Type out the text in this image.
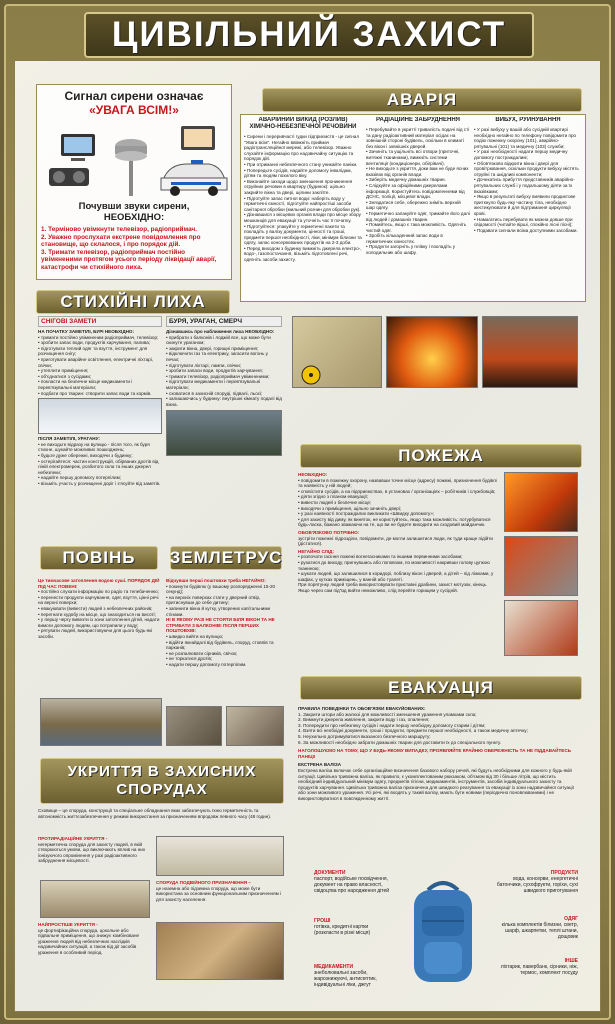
ЦИВІЛЬНИЙ ЗАХИСТ
Сигнал сирени означає
«УВАГА ВСІМ!»
Почувши звуки сирени,
НЕОБХІДНО:
1. Терміново увімкнути телевізор, радіоприймач.
2. Уважно прослухати екстрене повідомлення про становище, що склалося, і про порядок дій.
3. Тримати телевізор, радіоприймач постійно увімкненими протягом усього періоду ліквідації аварії, катастрофи чи стихійного лиха.
АВАРІЯ
АВАРІЙНИЙ ВИКИД (РОЗЛИВ) ХІМІЧНО-НЕБЕЗПЕЧНОЇ РЕЧОВИНИ
• Сирени і переривчасті гудки підприємств - це сигнал "Увага всім". Негайно ввімкніть приймач радіотрансляційної мережі, або телевізор. Уважно слухайте інформацію про надзвичайну ситуацію та порядок дій.
• При отриманні небезпечного стану уникайте паніки.
• Попередьте сусідів, надайте допомогу інвалідам, дітям та людям похилого віку.
• Виконайте заходи щодо зменшення проникнення отруйних речовин в квартиру (будинок): щільно закрийте вікна та двері, щілини закліїте.
• Підготуйте запас питної води: наберіть воду у герметичні ємності, підготуйте найпростіші засоби санітарної обробки (мильний розчин для обробки рук).
• Дізнавшися з місцевих органів влади про місце збору мешканців для евакуації та уточніть час її початку.
• Підготуйтеся: упакуйте у герметичні пакети та покладіть у валізу документи, цінності та гроші, предмети першої необхідності, ліки, мінімум білизни та одягу, запас консервованих продуктів на 2-3 доби.
• Перед виходом з будинку вимкніть джерела електро-, водо-, газопостачання, візьміть підготовлені речі, одягніть засоби захисту.
РАДІАЦІЙНЕ ЗАБРУДНЕННЯ
• Перебувайте в укритті тривалість подачі від сті та дану радіоактивний матеріал осідає на зовнішній стороні будівель, оскільки в климаті без вікон і зовнішніх дверей.
• Зачиніть та ущільніть всі отвори (приточні, витяжні тканинами), вимкніть системи вентиляції (кондиціонери, обігрівачі).
• Не виходьте з укриття, доки вам не буде ясних вказівок від органів влади.
• Зиберіть медичну домашніх тварин.
• Слідкуйте за офіційними джерелами інформації. Користуйтесь повідомленнями від ДСНС, поліції, місцевої влади.
• Зняздатися себе, обережно зніміть верхній шар одягу.
• Герметично запакуйте одяг, тримайте його далі від людей і домашніх тварин.
• Помийтесь, якщо є така можливість. Одягніть чистий одяг.
• Зробіть кількаденний запас води в герметичних ємностях.
• Продукти загорніть у плівку і покладіть у холодильник або шафу.
ВИБУХ, РУЙНУВАННЯ
• У разі вибуху у вашій або сусідній квартирі необхідно негайно по телефону повідомити про подію пожежну охорону (101), аварійно-рятувальні (101) та медичну (103) служби;
• У разі необхідності надати першу медичну допомогу постраждалим;
• Обов'язково відкрити вікна і двері для провітрювання, оскільки продукти вибуху містять отруйні та шкідливі компоненти;
• Дочекатись прибуття представників аварійно-рятувальних служб і у подальшому діяти за їх вказівками;
• Якщо в результаті вибуху виявили продиктове приткнуло будь-яку частину тіла, необхідно жестикулювати й для підтримання циркуляції крові.
• Намагатись перебувати як можна довше при свідомості (читайте вірші, спокійно лісні пісні);
• Подавати сигнали всіма доступними засобами.
СТИХІЙНІ ЛИХА
СНІГОВІ ЗАМЕТИ
НА ПОЧАТКУ ЗАМЕТІЛІ, БУРІ НЕОБХІДНО:
• тримати постійно увімкненим радіоприймач, телевізор;
• зробити запас води, продуктів харчування, палива;
• підготувати теплий одяг та взуття, інструмент для розчищення снігу;
• приготувати аварійне освітлення, електричні ліхтарі, свічки;
• утеплити приміщення;
• об'єднатися з сусідами;
• покласти на безпечне місце медикаменти і перев'язувальні матеріали;
• подбати про тварин: створити запас води та кормів.
ПІСЛЯ ЗАМЕТІЛІ, УРАГАНУ:
• не виходьте відразу на вулицю - після того, як буря стихне, шукайте можливих пошкоджень;
• будьте дуже обережні, виходячи з будинку;
• остерігайтеся: частин конструкцій, обірваних дротів від ліній електромереж, розбитого скла та інших джерел небезпеки;
• надайте першу допомогу потерпілим;
• візьміть участь у розчищенні доріг і з'ясуйте від заметів.
БУРЯ, УРАГАН, СМЕРЧ
Дізнавшись про наближення лиха НЕОБХІДНО:
• прибрати з балконів і лоджій все, що може бути скинуте ураганом;
• закрити вікна, двері, горищні приміщення;
• відключити газ та електрику, загасити вогонь у печах;
• підготувати ліхтарі, лампи, свічки;
• зробити запаси води, продуктів харчування;
• тримати телевізор, радіоприймач увімкненими;
• підготувати медикаменти і перев'язувальні матеріали;
• сховатися в захисній споруді, підвалі, льосі;
• залишаючись у будинку: внутрішні кімнату подалі від вікна.
ПОЖЕЖА
НЕОБХІДНО:
• повідомити в пожежну охорону, назвавши точне місце (адресу) пожежі, призначення будівлі та наявність у ній людей;
• сповістити сусідів, а на підприємствах, в установах / організаціях – робітників і службовців;
• діяти згідно з планом евакуації;
• вивести людей з безпечне місце;
• виходячи з приміщення, щільно зачиніть двері;
• у разі наявності постраждалих викликати «Швидку допомогу»;
• для захисту від диму, як виняток, не користуйтесь, якщо така можливість: потурбуватися будь-ласка, бажано зважаючи на те, що ви не будете виходити на сходовий майданчик.
ОБОВ'ЯЗКОВО ПОТРІБНО:
зустріти пожежні підрозділи, повідомити, де могли залишитися люди, як туди краще підійти (дістатися).
НЕГАЙНО СЛІД:
• розпочати гасіння пожежі вогнегасниками та іншими первинними засобами;
• рухатися до виходу, пригнувшись або поповзом, по можливості накривши голову цупкою тканиною;
• шукати людей, що залишилися в коридорі, поблизу вікон і дверей, а дітей – під ліжками, у шафах, у кутках приміщень, у ванній або туалеті.
При порятунку людей треба використовувати приставні драбини, захист мотузок, кінець. Якщо через сам під'їзд вийти неможливо, слід перейти горищем у сусідній.
ПОВІНЬ
Це тимчасове затоплення водою суші. ПОРЯДОК ДІЙ ПІД ЧАС ПОВЕНІ:
• постійно слухати інформацію по радіо та телебаченню;
• перенести продукти харчування, одяг, взуття, цінні речі на верхні поверхи;
• евакуювати (вивести) людей з небезпечних районів;
• перегнати худобу на місце, що знаходиться на висоті;
• у першу чергу вивезти із зони затоплення дітей, надати вимоги допомогу людям, що потрапили у воду;
• рятувати людей, використовуючи для цього будь-які засоби.
ЗЕМЛЕТРУС
Відчувши перші поштовхи треба НЕГАЙНО:
• покинути будівлю (у вашому розпорядженні 15-20 секунд);
• на верхніх поверхах стати у дверний отвір, притиснувши до себе дитину;
• запинити вікна й кутку, утворених капітальними стінами.
НІ В ЯКОМУ РАЗІ НЕ СТОЯТИ БІЛЯ ВІКОН ТА НЕ СТРИБАТИ З БАЛКОНІВ! ПІСЛЯ ПЕРШИХ ПОШТОВХІВ:
• швидко вийти на вулицю;
• відійти якнайдалі від будівель, споруд, стовпів та парканів;
• не розпалювати сірників, свічок;
• не торкатися дротів;
• надати першу допомогу потерпілим.
УКРИТТЯ В ЗАХИСНИХ СПОРУДАХ
Сховище – це споруда, конструкції та спеціальне обладнання яких забезпечують їхню герметичність та автономність життєзабезпечення у режимі використання за призначенням впродовж певного часу (48 годин).
ПРОТИРАДІАЦІЙНЕ УКРИТТЯ -
негерметична споруда для захисту людей, в якій створюються умови, що виключають вплив на них іонізуючого опромінення у разі радіоактивного забруднення місцевості.
НАЙПРОСТІШЕ УКРИТТЯ -
це фортифікаційна споруда, цокольне або підвальне приміщення, що знижує комбіноване ураження людей від небезпечних наслідків надзвичайних ситуацій, а також від дії засобів ураження в особливий період.
СПОРУДА ПОДВІЙНОГО ПРИЗНАЧЕННЯ –
це наземна або підземна споруда, що може бути використана за основним функціональним призначенням і для захисту населення.
ЕВАКУАЦІЯ
ПРАВИЛА ПОВЕДІНКИ ТА ОБОВ'ЯЗКИ ЕВАКУЙОВАНИХ:
1. Закрити штори або жалюзі для можливості зменшення ураження уламками скла;
2. Вимкнути джерела живлення, закрити воду і газ, опалення;
3. Попередити про небезпеку сусідів і надати першу необхідну допомогу старим і дітям;
4. Взяти всі необхідні документи, гроші і продукти, предмети першої необхідності, а також медичну аптечку;
5. Неухильно дотримуватися вказаного безпечного маршруту;
6. За можливості необхідно забрати домашніх тварин для доставити їх до спеціального пункту.
НАГОЛОШУЄМО НА ТОМУ, ЩО У БУДЬ-ЯКОМУ ВИПАДКУ, ПРОЯВЛЯЙТЕ КРАЙНЮ ОБЕРЕЖНІСТЬ ТА НЕ ПІДДАВАЙТЕСЬ ПАНІЦІ!
ЕКСТРЕНА ВАЛІЗА
Екстрена валіза включає себе організаційне визначення базового набору речей, які будуть необхідними для кожного у будь-якій ситуації. Цивільна тривожна валіза, як правило, є укомплектованим рюкзаком, об'ємом від 30 і більше літрів, що містить необхідний індивідуальний мінімум одягу, предметів гігієни, медикаментів, інструментів, засобів індивідуального захисту та продуктів харчування. Цивільна тривожна валіза призначена для швидкого реагування та евакуації із зони надзвичайної ситуації або зони можливого ураження. Усі речі, які входять у такий валізу, мають бути новими (періодично поновлюваними) і не використовуватися в повсякденному житті.
ДОКУМЕНТИ
паспорт, водійське посвідчення, документ на право власності, свідоцтва про народження дітей
ГРОШІ
готівка, кредитні картки (розкласти в різні місця)
МЕДИКАМЕНТИ
знеболювальні засоби, жарознижуючі, антисептик, індивідуальні ліки, джгут
ПРОДУКТИ
вода, консерви, енергетичні батончики, сухофрукти, горіхи, сухі швидкого приготування
ОДЯГ
кілька комплектів білизни, светр, шарф, шкарпетки, теплі штани, дощовик
ІНШЕ
ліхтарик, павербанк, сірники, ніж, термос, комплект посуду
